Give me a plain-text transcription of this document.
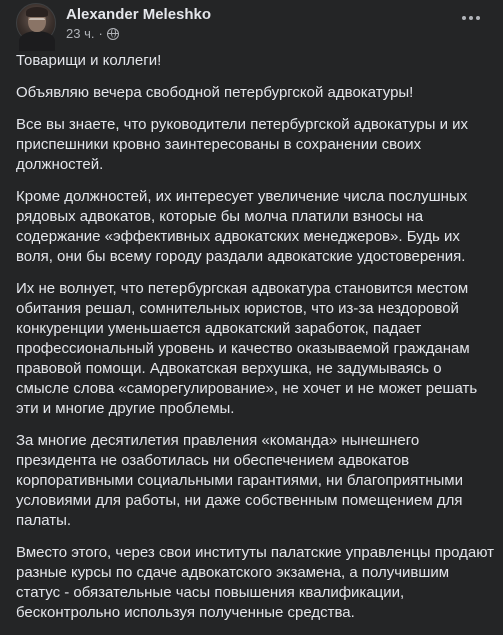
Alexander Meleshko
23 ч. ·

Товарищи и коллеги!

Объявляю вечера свободной петербургской адвокатуры!

Все вы знаете, что руководители петербургской адвокатуры и их приспешники кровно заинтересованы в сохранении своих должностей.

Кроме должностей, их интересует увеличение числа послушных рядовых адвокатов, которые бы молча платили взносы на содержание «эффективных адвокатских менеджеров». Будь их воля, они бы всему городу раздали адвокатские удостоверения.

Их не волнует, что петербургская адвокатура становится местом обитания решал, сомнительных юристов, что из-за нездоровой конкуренции уменьшается адвокатский заработок, падает профессиональный уровень и качество оказываемой гражданам правовой помощи. Адвокатская верхушка, не задумываясь о смысле слова «саморегулирование», не хочет и не может решать эти и многие другие проблемы.

За многие десятилетия правления «команда» нынешнего президента не озаботилась ни обеспечением адвокатов корпоративными социальными гарантиями, ни благоприятными условиями для работы, ни даже собственным помещением для палаты.

Вместо этого, через свои институты палатские управленцы продают разные курсы по сдаче адвокатского экзамена, а получившим статус - обязательные часы повышения квалификации, бесконтрольно используя полученные средства.
